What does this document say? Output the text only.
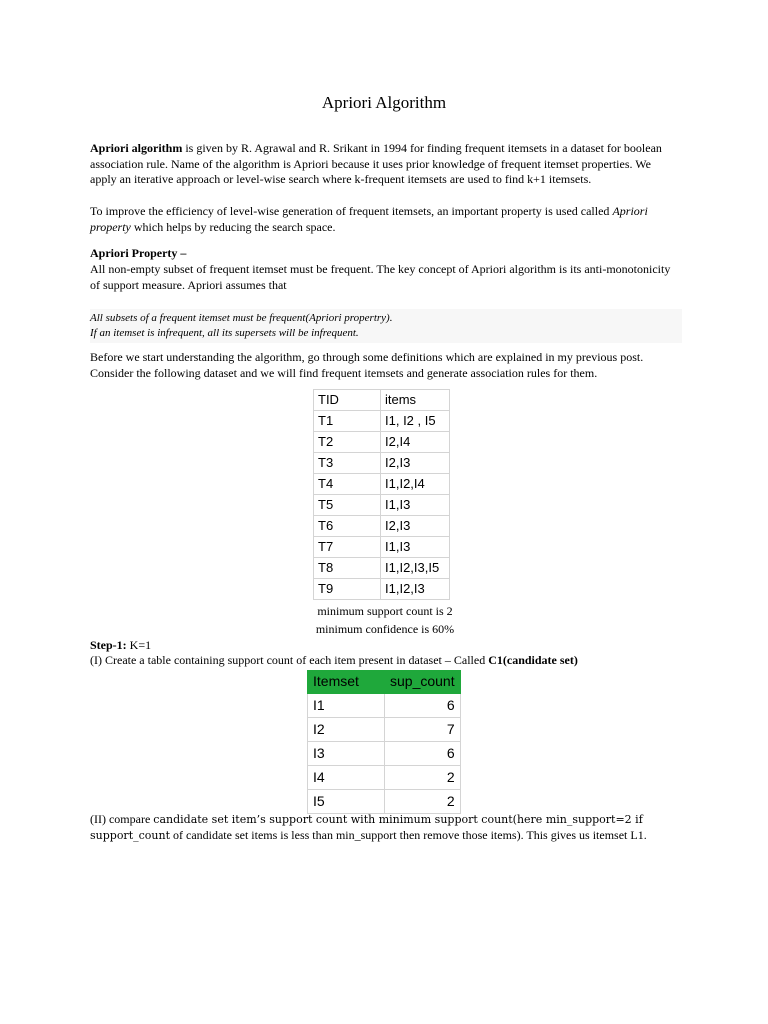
Apriori Algorithm
Apriori algorithm is given by R. Agrawal and R. Srikant in 1994 for finding frequent itemsets in a dataset for boolean association rule. Name of the algorithm is Apriori because it uses prior knowledge of frequent itemset properties. We apply an iterative approach or level-wise search where k-frequent itemsets are used to find k+1 itemsets.
To improve the efficiency of level-wise generation of frequent itemsets, an important property is used called Apriori property which helps by reducing the search space.
Apriori Property –
All non-empty subset of frequent itemset must be frequent. The key concept of Apriori algorithm is its anti-monotonicity of support measure. Apriori assumes that
All subsets of a frequent itemset must be frequent(Apriori propertry).
If an itemset is infrequent, all its supersets will be infrequent.
Before we start understanding the algorithm, go through some definitions which are explained in my previous post. Consider the following dataset and we will find frequent itemsets and generate association rules for them.
TID	items
T1	I1, I2 , I5
T2	I2,I4
T3	I2,I3
T4	I1,I2,I4
T5	I1,I3
T6	I2,I3
T7	I1,I3
T8	I1,I2,I3,I5
T9	I1,I2,I3
minimum support count is 2
minimum confidence is 60%
Step-1: K=1
(I) Create a table containing support count of each item present in dataset – Called C1(candidate set)
Itemset	sup_count
I1	6
I2	7
I3	6
I4	2
I5	2
(II) compare candidate set item’s support count with minimum support count(here min_support=2 if support_count of candidate set items is less than min_support then remove those items). This gives us itemset L1.
